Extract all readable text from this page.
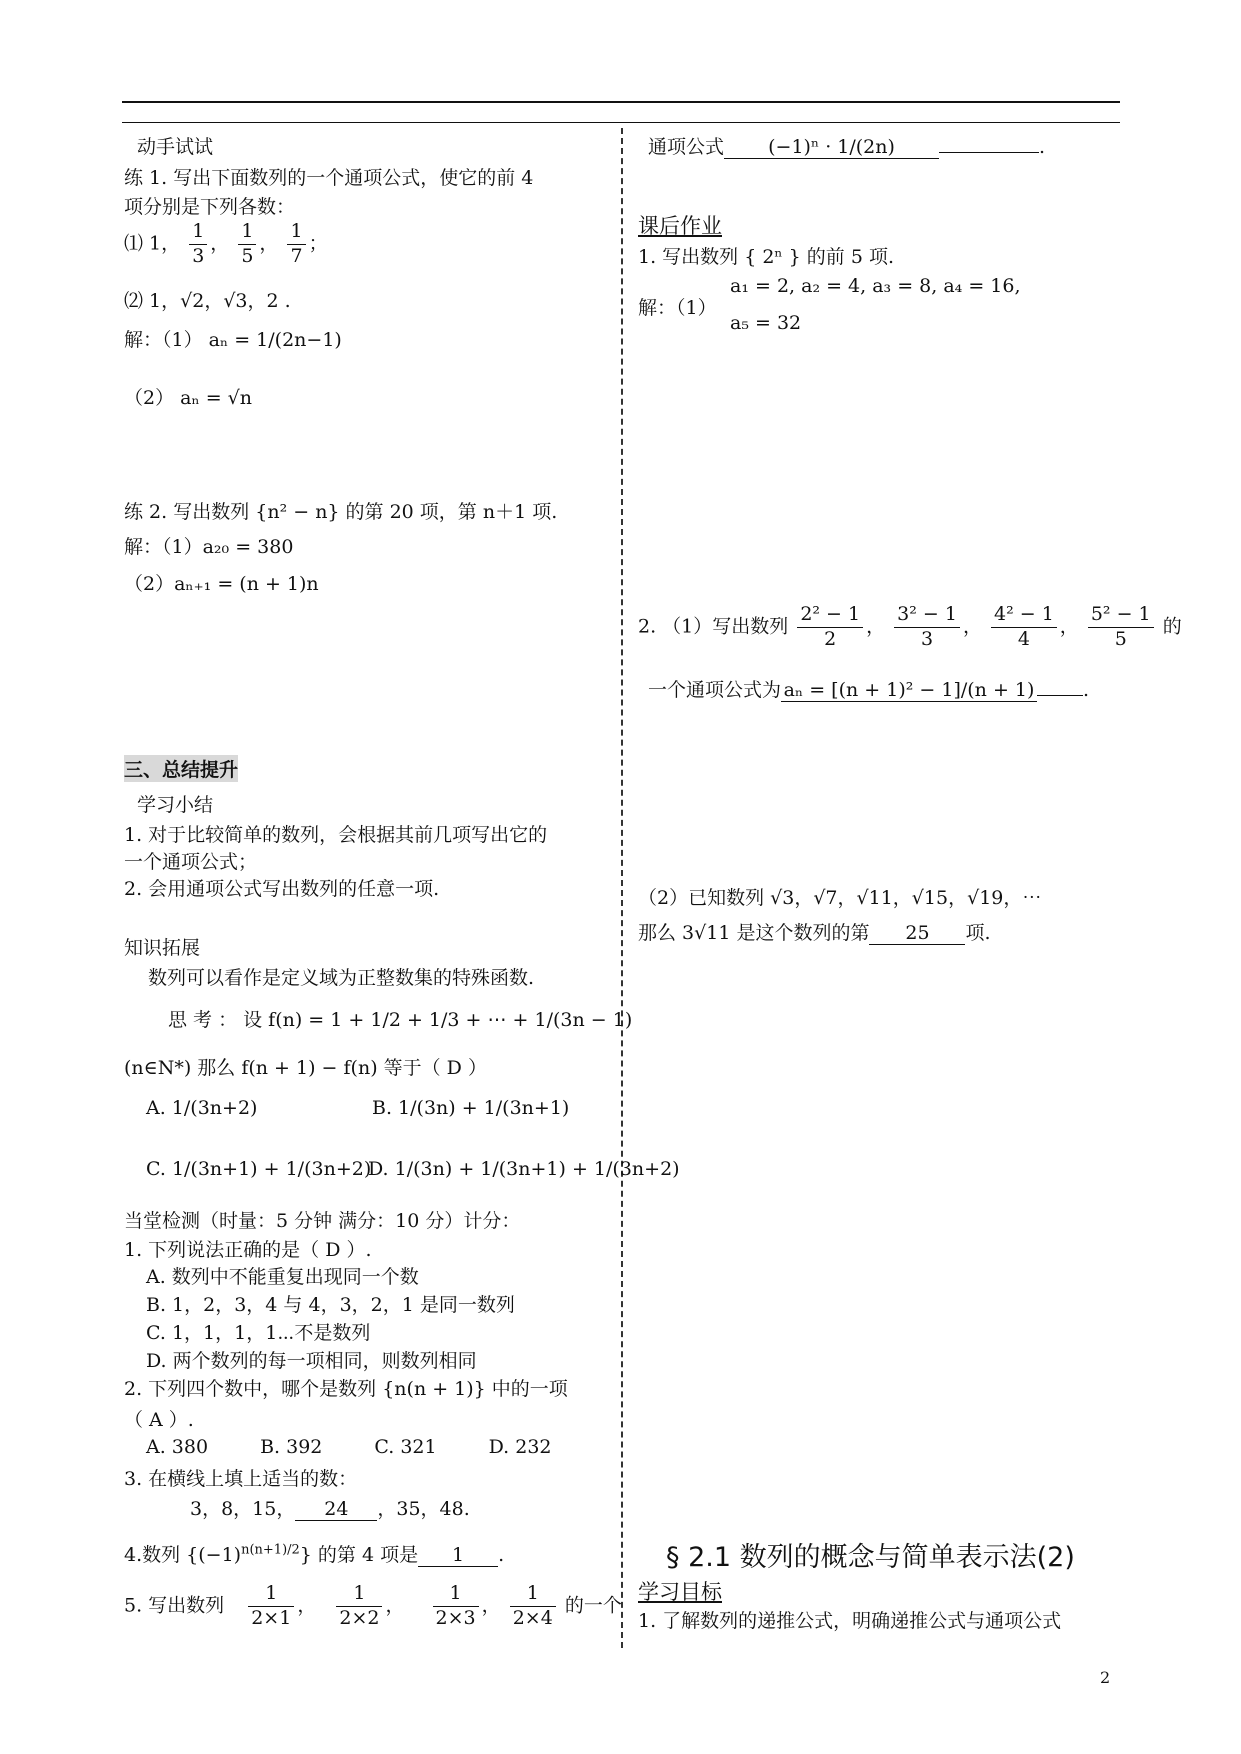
动手试试
练 1. 写出下面数列的一个通项公式，使它的前 4
项分别是下列各数：
⑴ 1， $\frac{1}{3}$ ， $\frac{1}{5}$ ， $\frac{1}{7}$ ；
⑵ 1，√2，√3，2 .
解：（1） aₙ = 1/(2n−1)
（2） aₙ = √n
练 2. 写出数列 {n² − n} 的第 20 项，第 n＋1 项.
解：（1）a₂₀ = 380
（2）aₙ₊₁ = (n + 1)n
三、总结提升
学习小结
1. 对于比较简单的数列，会根据其前几项写出它的
一个通项公式；
2. 会用通项公式写出数列的任意一项.
知识拓展
数列可以看作是定义域为正整数集的特殊函数.
思 考 ： 设 f(n) = 1 + 1/2 + 1/3 + ⋯ + 1/(3n − 1)
(n∈N*) 那么 f(n + 1) − f(n) 等于（ D ）
A. 1/(3n+2)	B. 1/(3n) + 1/(3n+1)
C. 1/(3n+1) + 1/(3n+2)
D. 1/(3n) + 1/(3n+1) + 1/(3n+2)
当堂检测（时量：5 分钟 满分：10 分）计分：
1. 下列说法正确的是（ D ）.
A. 数列中不能重复出现同一个数
B. 1，2，3，4 与 4，3，2，1 是同一数列
C. 1，1，1，1⋯不是数列
D. 两个数列的每一项相同，则数列相同
2. 下列四个数中，哪个是数列 {n(n + 1)} 中的一项
（ A ）.
A. 380	B. 392	C. 321	D. 232
3. 在横线上填上适当的数：
3，8，15， 24 ，35，48.
4.数列 $\{(-1)^{n(n+1)/2}\}$ 的第 4 项是 1 .
5. 写出数列 $\frac{1}{2\times 1}$ ， $\frac{1}{2\times 2}$ ， $\frac{1}{2\times 3}$ ， $\frac{1}{2\times 4}$ 的一个
通项公式 (−1)ⁿ · 1/(2n)	.
课后作业
1. 写出数列 { 2ⁿ } 的前 5 项.
解：（1）
a₁ = 2, a₂ = 4, a₃ = 8, a₄ = 16,
a₅ = 32
2. （1）写出数列 $\frac{\text{2² − 1}}{2}$ ， $\frac{\text{3² − 1}}{3}$ ， $\frac{\text{4² − 1}}{4}$ ， $\frac{\text{5² − 1}}{5}$ 的
一个通项公式为 aₙ = [(n + 1)² − 1]/(n + 1)	.
（2）已知数列 √3，√7，√11，√15，√19，⋯
那么 3√11 是这个数列的第 25 项.
§ 2.1 数列的概念与简单表示法(2)
学习目标
1. 了解数列的递推公式，明确递推公式与通项公式
2
